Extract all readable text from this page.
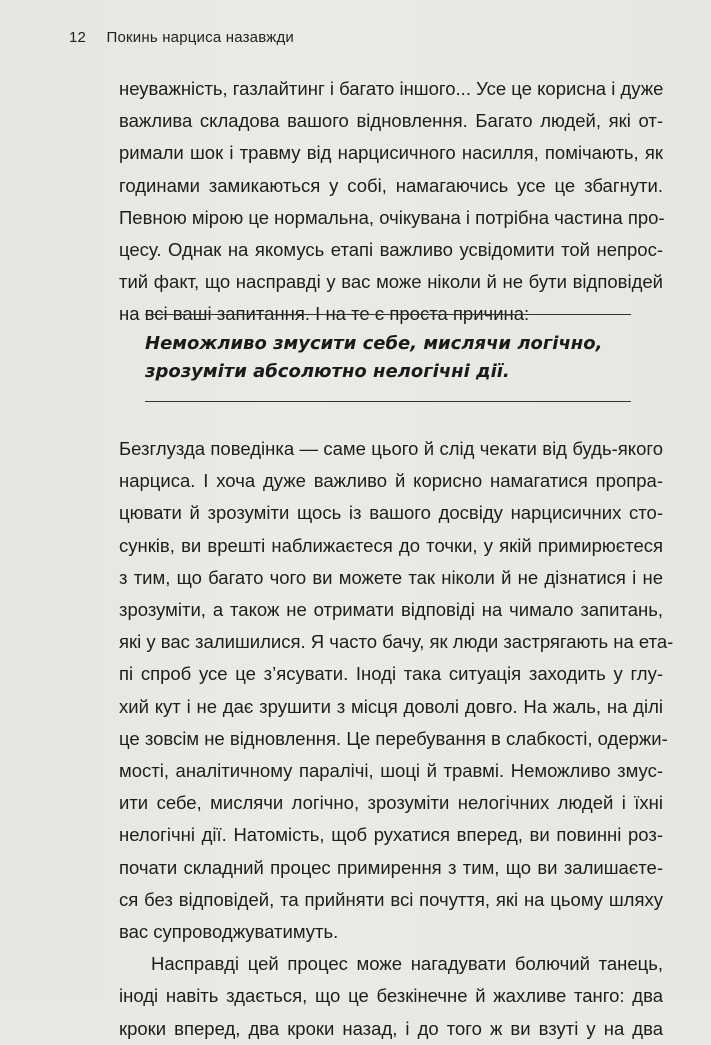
12 Покинь нарциса назавжди
неуважність, газлайтинг і багато іншого... Усе це корисна і дуже
важлива складова вашого відновлення. Багато людей, які от-
римали шок і травму від нарцисичного насилля, помічають, як
годинами замикаються у собі, намагаючись усе це збагнути.
Певною мірою це нормальна, очікувана і потрібна частина про-
цесу. Однак на якомусь етапі важливо усвідомити той непрос-
тий факт, що насправді у вас може ніколи й не бути відповідей
на всі ваші запитання. І на те є проста причина:
Неможливо змусити себе, мислячи логічно,
зрозуміти абсолютно нелогічні дії.
Безглузда поведінка — саме цього й слід чекати від будь-якого
нарциса. І хоча дуже важливо й корисно намагатися пропра-
цювати й зрозуміти щось із вашого досвіду нарцисичних сто-
сунків, ви врешті наближаєтеся до точки, у якій примирюєтеся
з тим, що багато чого ви можете так ніколи й не дізнатися і не
зрозуміти, а також не отримати відповіді на чимало запитань,
які у вас залишилися. Я часто бачу, як люди застрягають на ета-
пі спроб усе це з’ясувати. Іноді така ситуація заходить у глу-
хий кут і не дає зрушити з місця доволі довго. На жаль, на ділі
це зовсім не відновлення. Це перебування в слабкості, одержи-
мості, аналітичному паралічі, шоці й травмі. Неможливо змус-
ити себе, мислячи логічно, зрозуміти нелогічних людей і їхні
нелогічні дії. Натомість, щоб рухатися вперед, ви повинні роз-
почати складний процес примирення з тим, що ви залишаєте-
ся без відповідей, та прийняти всі почуття, які на цьому шляху
вас супроводжуватимуть.
Насправді цей процес може нагадувати болючий танець,
іноді навіть здається, що це безкінечне й жахливе танго: два
кроки вперед, два кроки назад, і до того ж ви взуті у на два
